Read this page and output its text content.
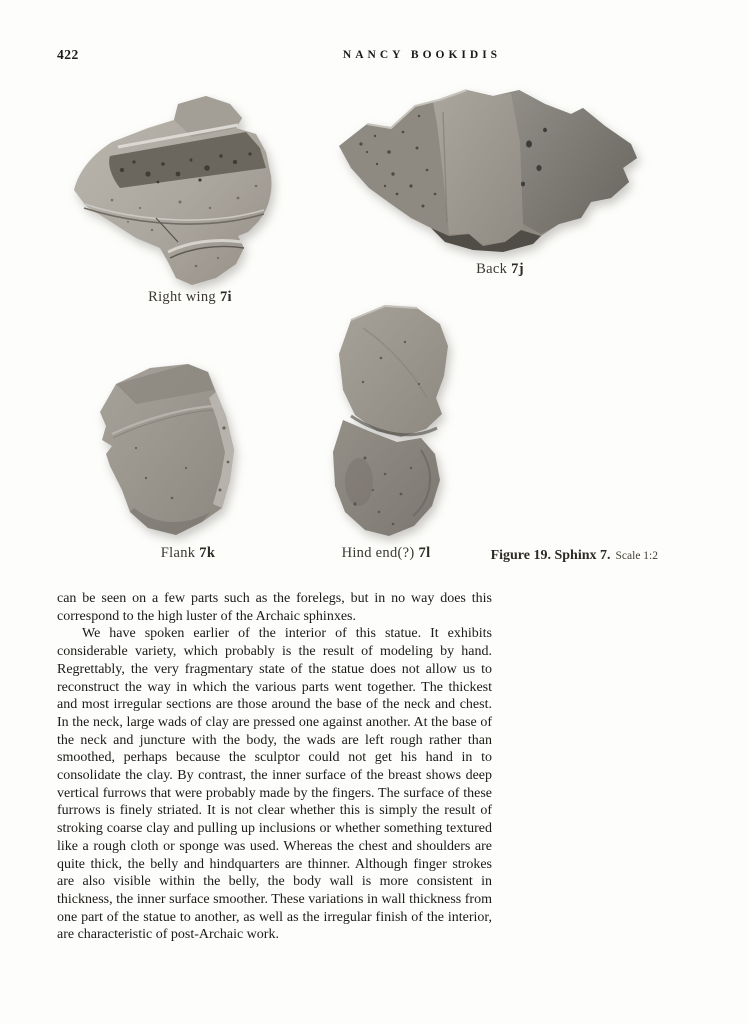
422	NANCY BOOKIDIS
Right wing 7i
Back 7j
Flank 7k	Hind end(?) 7l	Figure 19. Sphinx 7. Scale 1:2

can be seen on a few parts such as the forelegs, but in no way does this correspond to the high luster of the Archaic sphinxes.

We have spoken earlier of the interior of this statue. It exhibits considerable variety, which probably is the result of modeling by hand. Regrettably, the very fragmentary state of the statue does not allow us to reconstruct the way in which the various parts went together. The thickest and most irregular sections are those around the base of the neck and chest. In the neck, large wads of clay are pressed one against another. At the base of the neck and juncture with the body, the wads are left rough rather than smoothed, perhaps because the sculptor could not get his hand in to consolidate the clay. By contrast, the inner surface of the breast shows deep vertical furrows that were probably made by the fingers. The surface of these furrows is finely striated. It is not clear whether this is simply the result of stroking coarse clay and pulling up inclusions or whether something textured like a rough cloth or sponge was used. Whereas the chest and shoulders are quite thick, the belly and hindquarters are thinner. Although finger strokes are also visible within the belly, the body wall is more consistent in thickness, the inner surface smoother. These variations in wall thickness from one part of the statue to another, as well as the irregular finish of the interior, are characteristic of post-Archaic work.
